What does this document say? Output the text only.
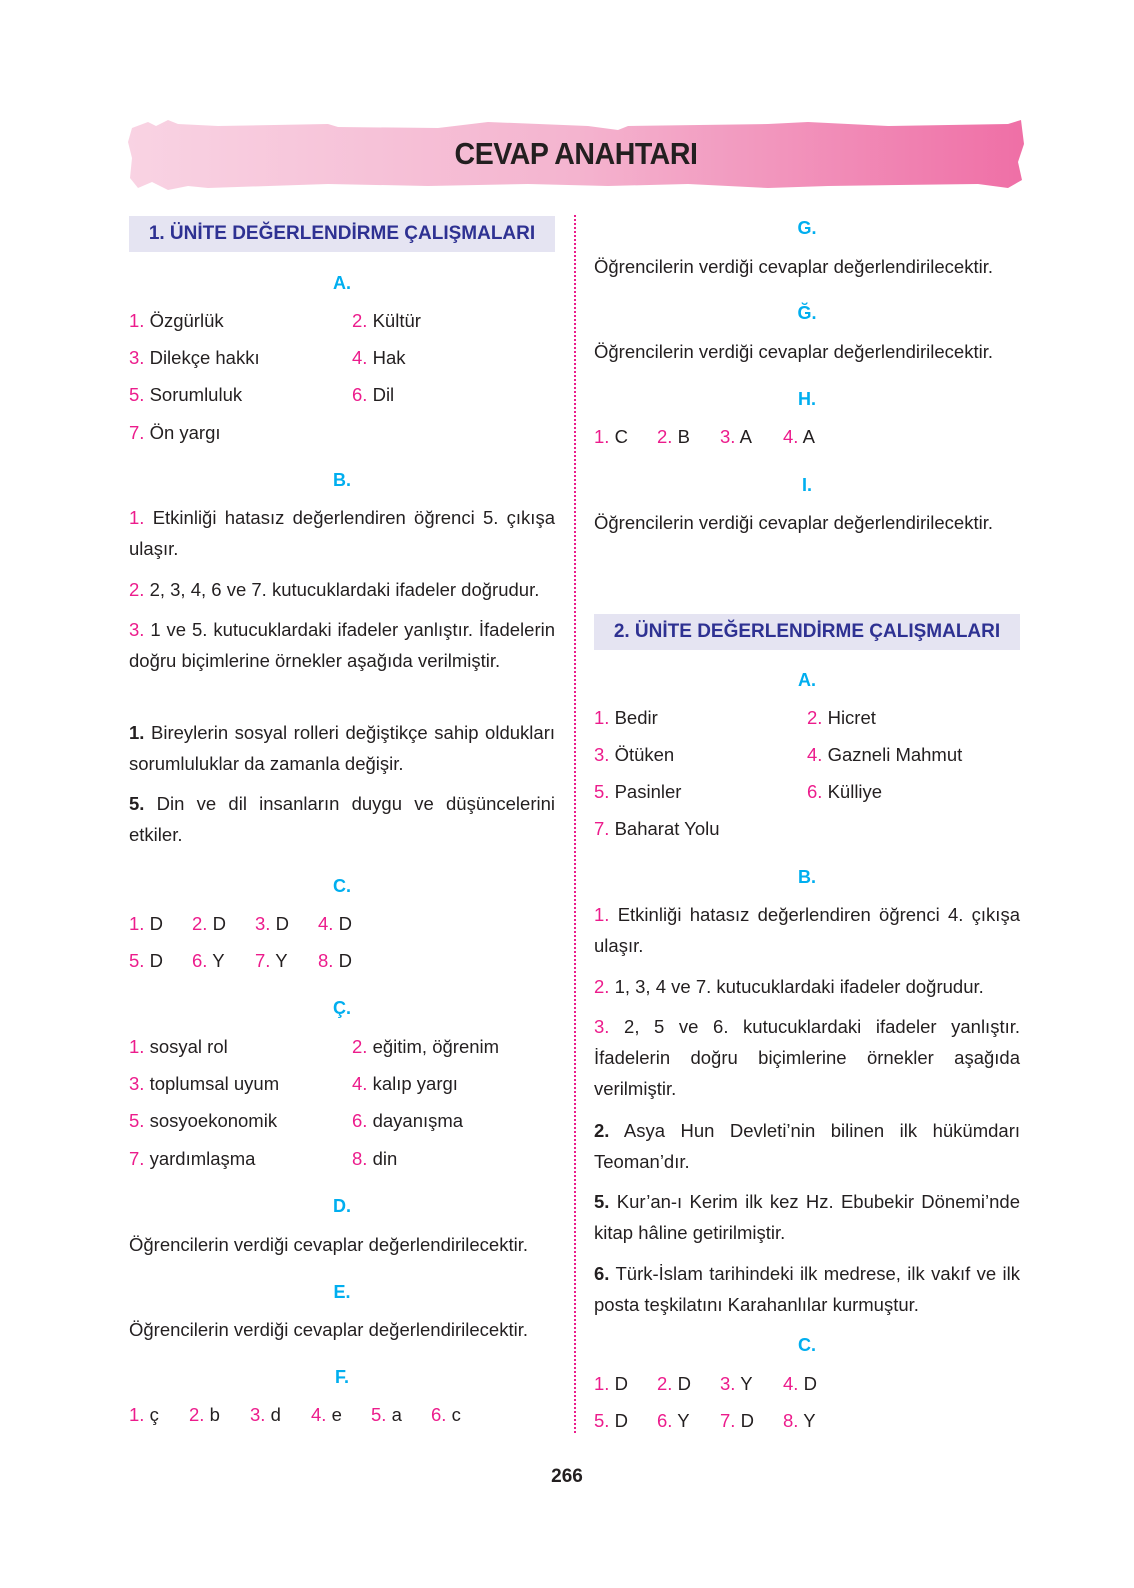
CEVAP ANAHTARI
1. ÜNİTE DEĞERLENDİRME ÇALIŞMALARI
A.
1. Özgürlük	2. Kültür
3. Dilekçe hakkı	4. Hak
5. Sorumluluk	6. Dil
7. Ön yargı
B.
1. Etkinliği hatasız değerlendiren öğrenci 5. çıkışa ulaşır.
2. 2, 3, 4, 6 ve 7. kutucuklardaki ifadeler doğrudur.
3. 1 ve 5. kutucuklardaki ifadeler yanlıştır. İfadelerin doğru biçimlerine örnekler aşağıda verilmiştir.
1. Bireylerin sosyal rolleri değiştikçe sahip oldukları sorumluluklar da zamanla değişir.
5. Din ve dil insanların duygu ve düşüncelerini etkiler.
C.
1. D 2. D 3. D 4. D
5. D 6. Y 7. Y 8. D
Ç.
1. sosyal rol	2. eğitim, öğrenim
3. toplumsal uyum	4. kalıp yargı
5. sosyoekonomik	6. dayanışma
7. yardımlaşma	8. din
D.
Öğrencilerin verdiği cevaplar değerlendirilecektir.
E.
Öğrencilerin verdiği cevaplar değerlendirilecektir.
F.
1. ç 2. b 3. d 4. e 5. a 6. c
G.
Öğrencilerin verdiği cevaplar değerlendirilecektir.
Ğ.
Öğrencilerin verdiği cevaplar değerlendirilecektir.
H.
1. C 2. B 3. A 4. A
I.
Öğrencilerin verdiği cevaplar değerlendirilecektir.
2. ÜNİTE DEĞERLENDİRME ÇALIŞMALARI
A.
1. Bedir	2. Hicret
3. Ötüken	4. Gazneli Mahmut
5. Pasinler	6. Külliye
7. Baharat Yolu
B.
1. Etkinliği hatasız değerlendiren öğrenci 4. çıkışa ulaşır.
2. 1, 3, 4 ve 7. kutucuklardaki ifadeler doğrudur.
3. 2, 5 ve 6. kutucuklardaki ifadeler yanlıştır. İfadelerin doğru biçimlerine örnekler aşağıda verilmiştir.
2. Asya Hun Devleti’nin bilinen ilk hükümdarı Teoman’dır.
5. Kur’an-ı Kerim ilk kez Hz. Ebubekir Dönemi’nde kitap hâline getirilmiştir.
6. Türk-İslam tarihindeki ilk medrese, ilk vakıf ve ilk posta teşkilatını Karahanlılar kurmuştur.
C.
1. D 2. D 3. Y 4. D
5. D 6. Y 7. D 8. Y
266
